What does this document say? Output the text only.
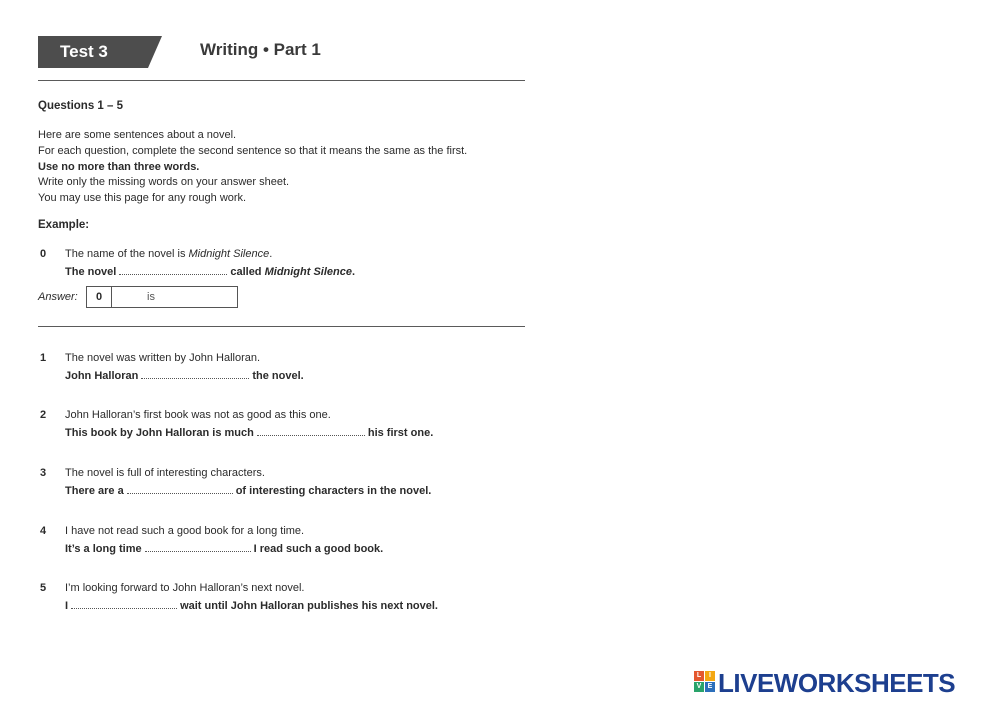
Test 3	Writing • Part 1
Questions 1 – 5
Here are some sentences about a novel.
For each question, complete the second sentence so that it means the same as the first.
Use no more than three words.
Write only the missing words on your answer sheet.
You may use this page for any rough work.
Example:
0 The name of the novel is Midnight Silence.
The novel	called Midnight Silence.
Answer:	0	is
1 The novel was written by John Halloran.
John Halloran	the novel.
2 John Halloran’s first book was not as good as this one.
This book by John Halloran is much	his first one.
3 The novel is full of interesting characters.
There are a	of interesting characters in the novel.
4 I have not read such a good book for a long time.
It’s a long time	I read such a good book.
5 I’m looking forward to John Halloran’s next novel.
I	wait until John Halloran publishes his next novel.
L	I
V E LIVEWORKSHEETS
